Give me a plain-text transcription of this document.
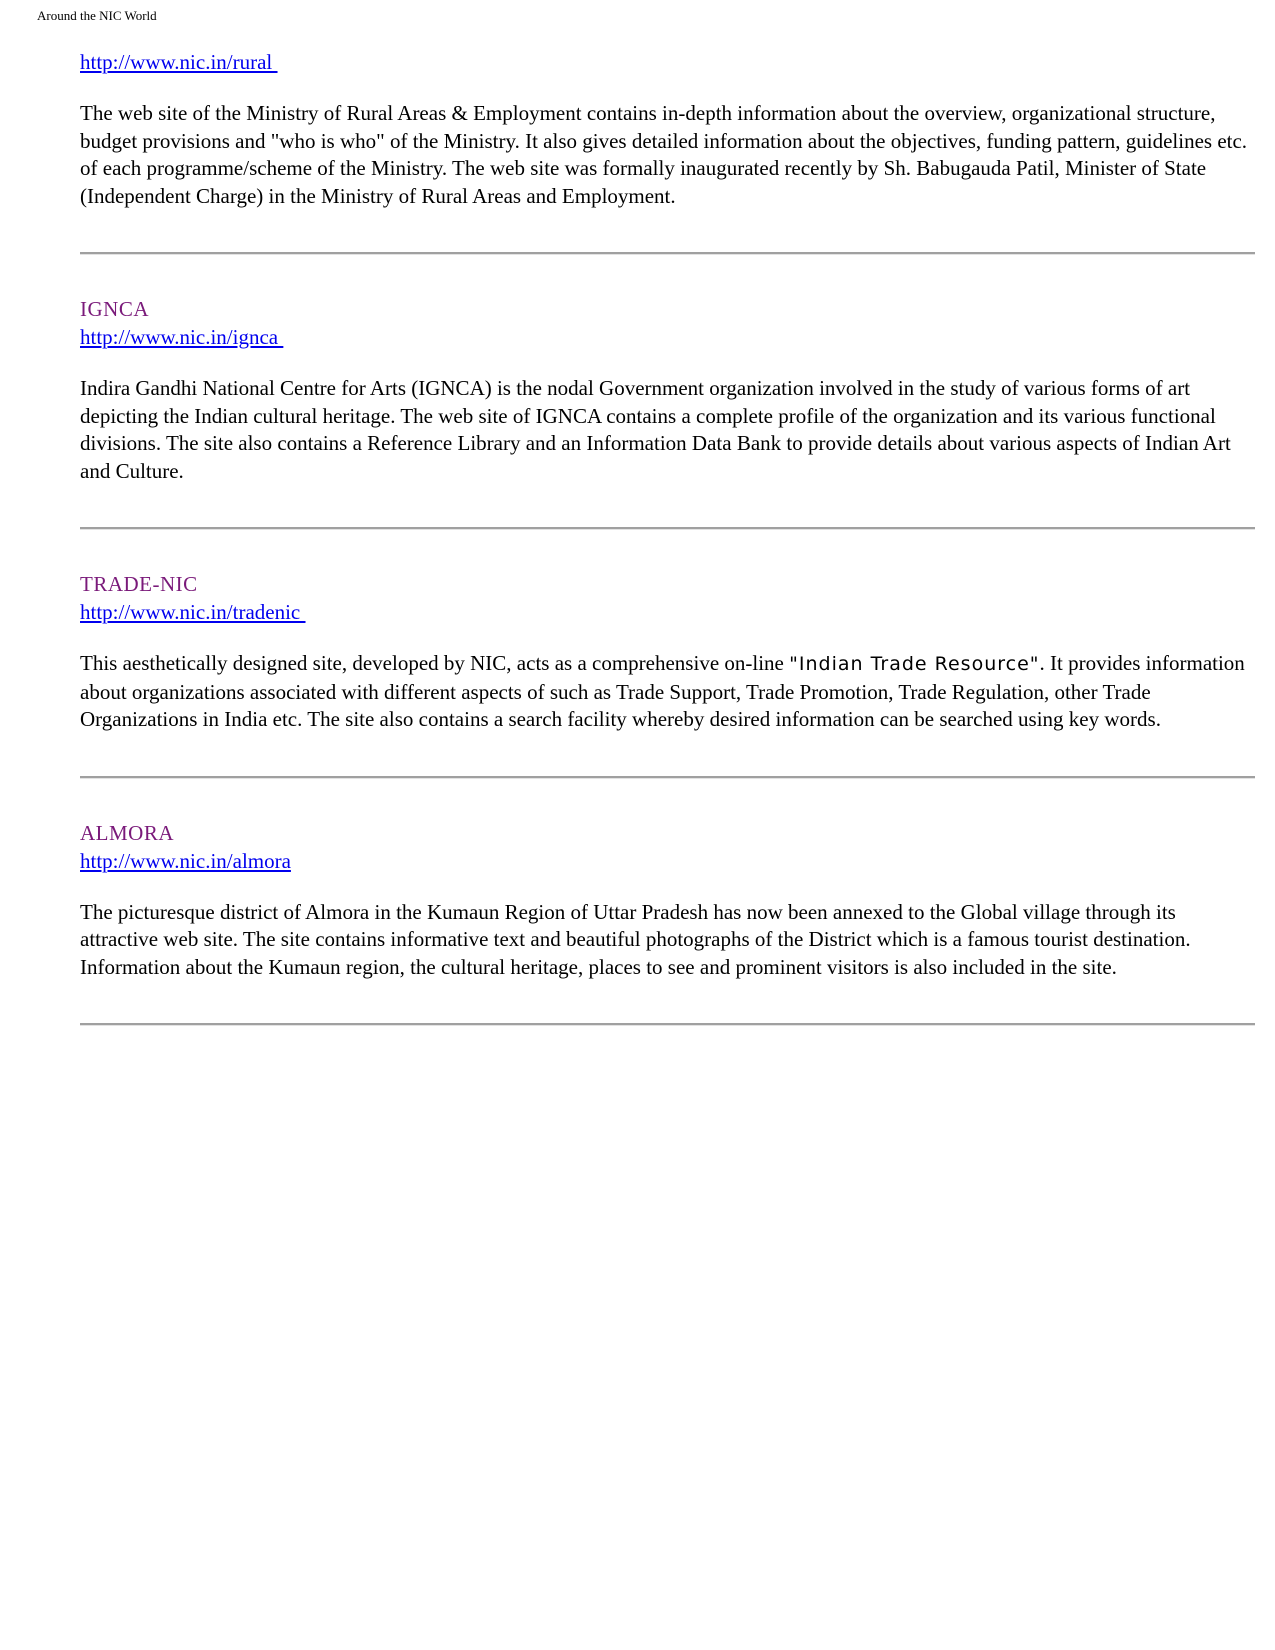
Around the NIC World
http://www.nic.in/rural

The web site of the Ministry of Rural Areas & Employment contains in-depth information about the overview, organizational structure, budget provisions and "who is who" of the Ministry. It also gives detailed information about the objectives, funding pattern, guidelines etc. of each programme/scheme of the Ministry. The web site was formally inaugurated recently by Sh. Babugauda Patil, Minister of State (Independent Charge) in the Ministry of Rural Areas and Employment.

IGNCA
http://www.nic.in/ignca

Indira Gandhi National Centre for Arts (IGNCA) is the nodal Government organization involved in the study of various forms of art depicting the Indian cultural heritage. The web site of IGNCA contains a complete profile of the organization and its various functional divisions. The site also contains a Reference Library and an Information Data Bank to provide details about various aspects of Indian Art and Culture.

TRADE-NIC
http://www.nic.in/tradenic

This aesthetically designed site, developed by NIC, acts as a comprehensive on-line "Indian Trade Resource". It provides information about organizations associated with different aspects of such as Trade Support, Trade Promotion, Trade Regulation, other Trade Organizations in India etc. The site also contains a search facility whereby desired information can be searched using key words.

ALMORA
http://www.nic.in/almora

The picturesque district of Almora in the Kumaun Region of Uttar Pradesh has now been annexed to the Global village through its attractive web site. The site contains informative text and beautiful photographs of the District which is a famous tourist destination. Information about the Kumaun region, the cultural heritage, places to see and prominent visitors is also included in the site.
